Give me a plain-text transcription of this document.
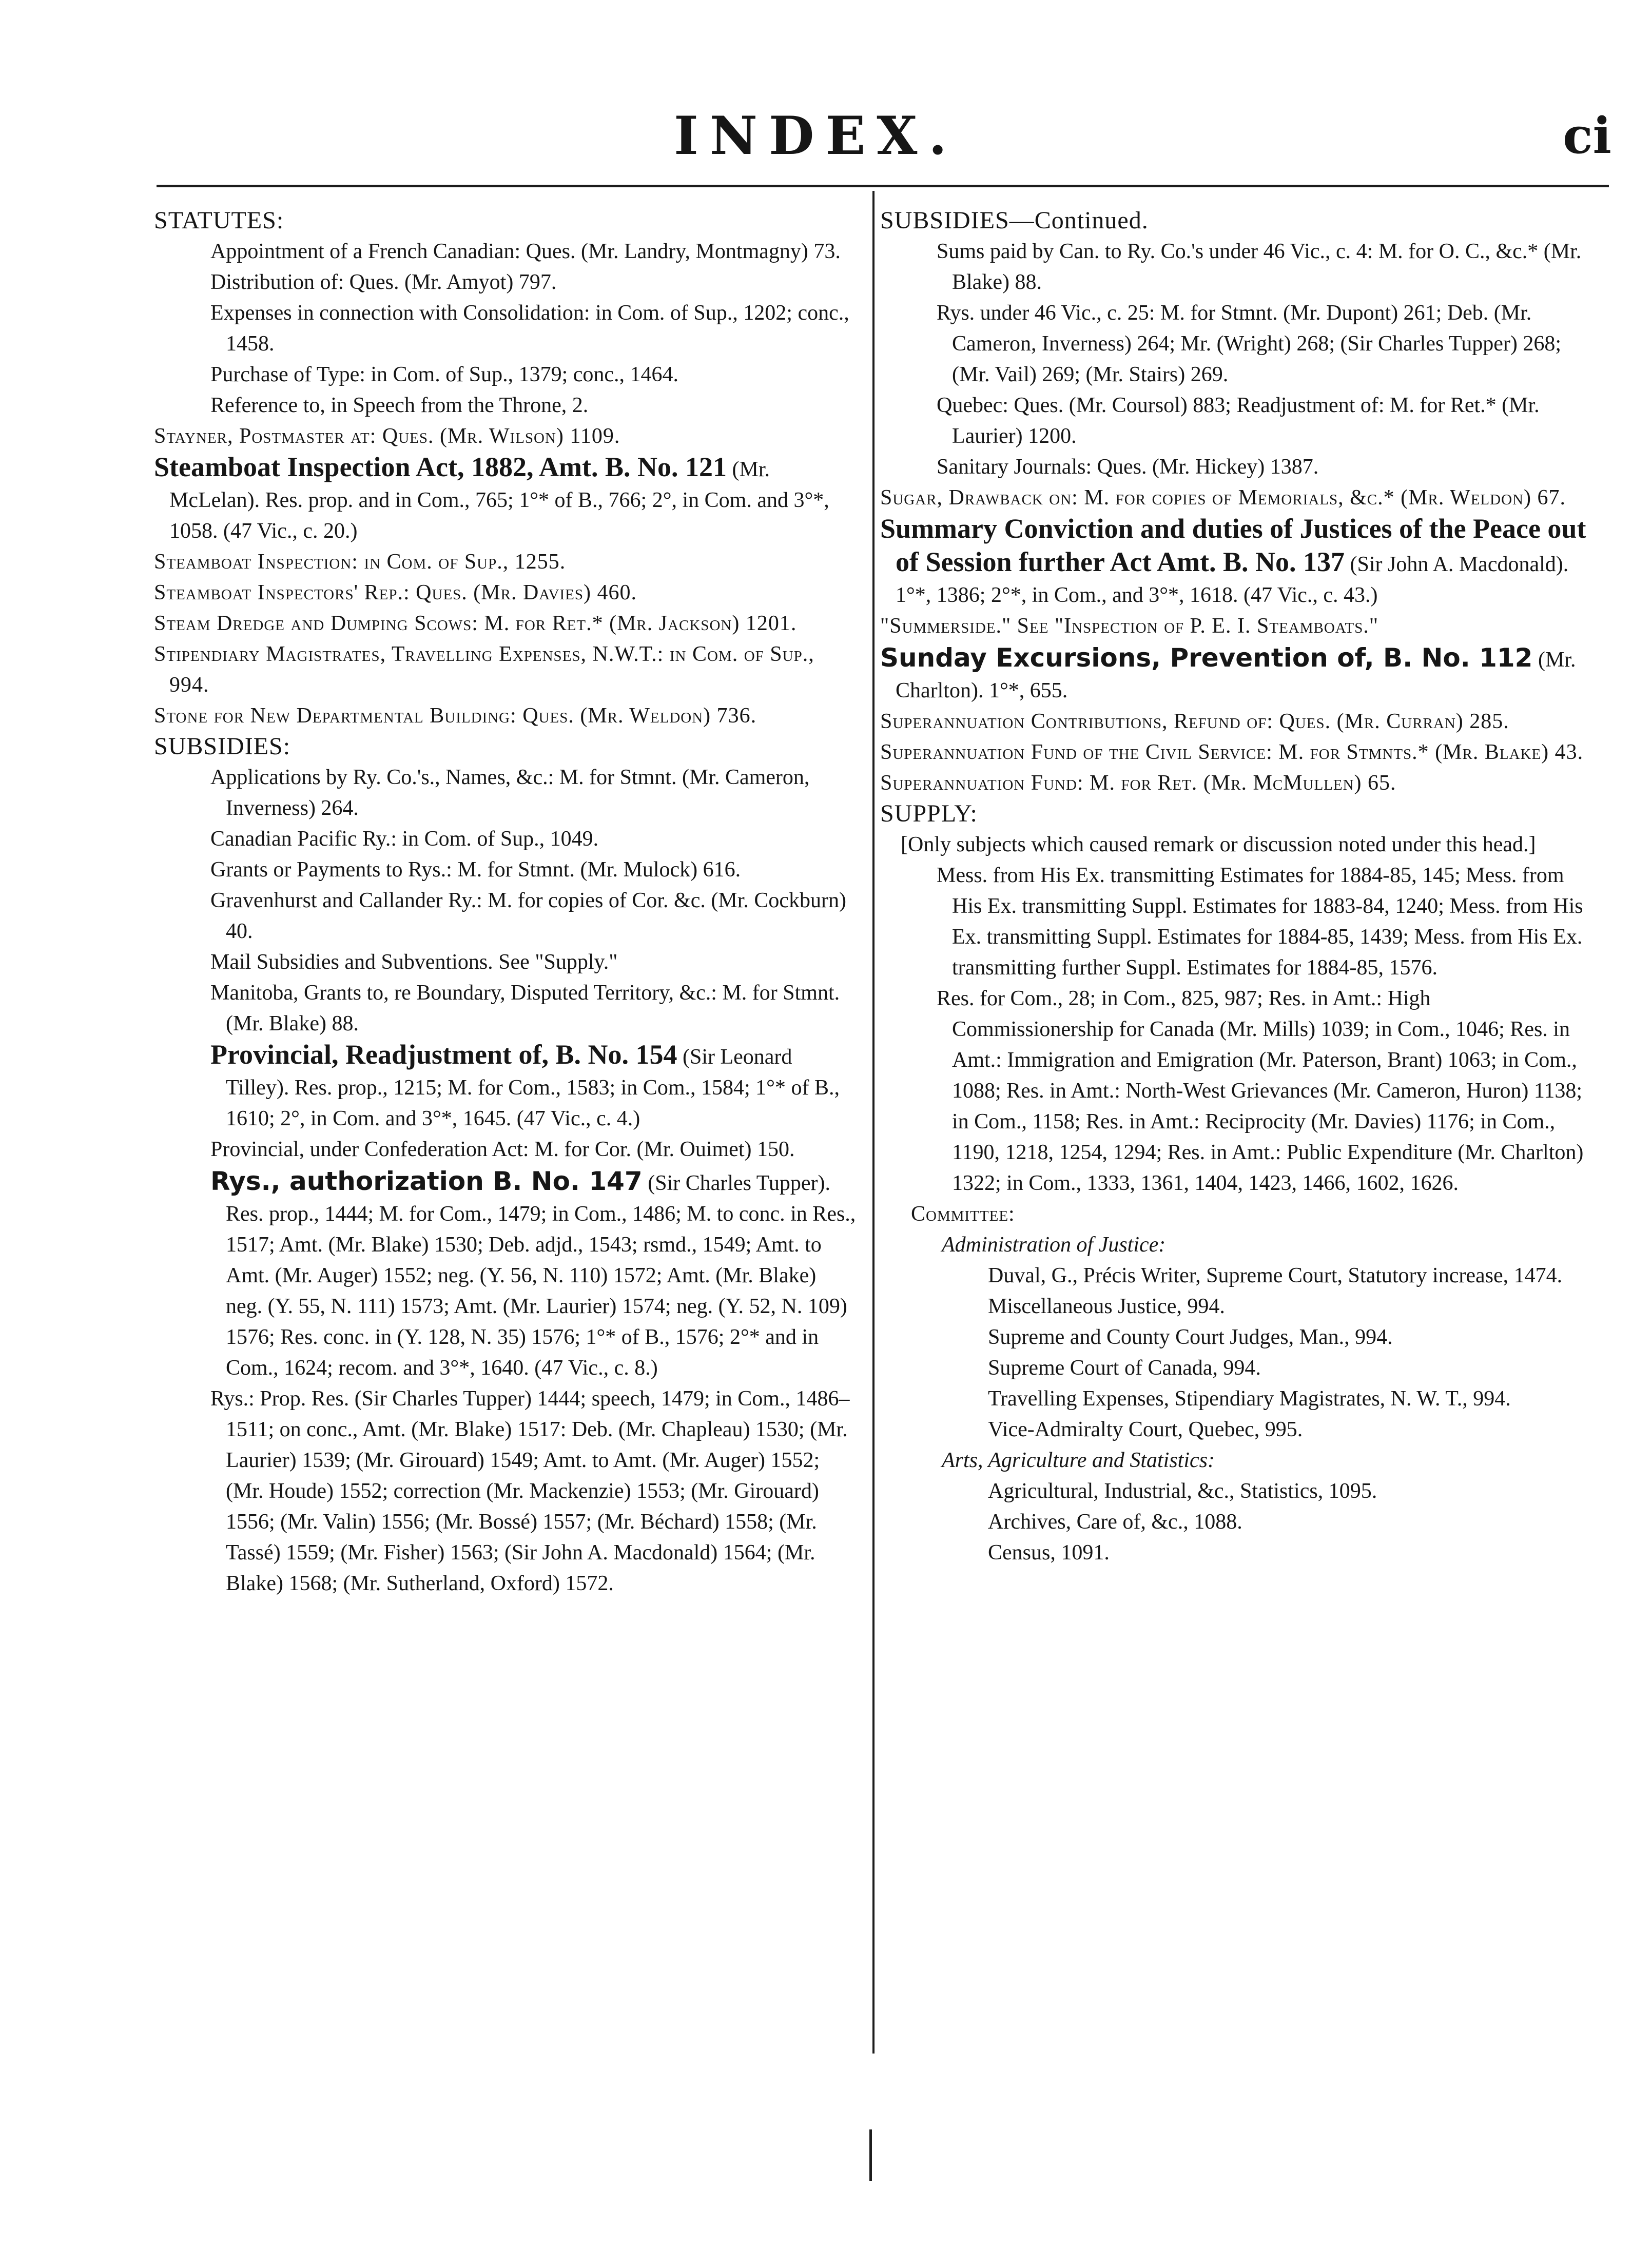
INDEX.	ci
STATUTES:
Appointment of a French Canadian: Ques. (Mr. Landry, Montmagny) 73.
Distribution of: Ques. (Mr. Amyot) 797.
Expenses in connection with Consolidation: in Com. of Sup., 1202; conc., 1458.
Purchase of Type: in Com. of Sup., 1379; conc., 1464.
Reference to, in Speech from the Throne, 2.
Stayner, Postmaster at: Ques. (Mr. Wilson) 1109.
Steamboat Inspection Act, 1882, Amt. B. No. 121 (Mr. McLelan). Res. prop. and in Com., 765; 1°* of B., 766; 2°, in Com. and 3°*, 1058. (47 Vic., c. 20.)
Steamboat Inspection: in Com. of Sup., 1255.
Steamboat Inspectors' Rep.: Ques. (Mr. Davies) 460.
Steam Dredge and Dumping Scows: M. for Ret.* (Mr. Jackson) 1201.
Stipendiary Magistrates, Travelling Expenses, N.W.T.: in Com. of Sup., 994.
Stone for New Departmental Building: Ques. (Mr. Weldon) 736.
SUBSIDIES:
Applications by Ry. Co.'s., Names, &c.: M. for Stmnt. (Mr. Cameron, Inverness) 264.
Canadian Pacific Ry.: in Com. of Sup., 1049.
Grants or Payments to Rys.: M. for Stmnt. (Mr. Mulock) 616.
Gravenhurst and Callander Ry.: M. for copies of Cor. &c. (Mr. Cockburn) 40.
Mail Subsidies and Subventions. See "Supply."
Manitoba, Grants to, re Boundary, Disputed Territory, &c.: M. for Stmnt. (Mr. Blake) 88.
Provincial, Readjustment of, B. No. 154 (Sir Leonard Tilley). Res. prop., 1215; M. for Com., 1583; in Com., 1584; 1°* of B., 1610; 2°, in Com. and 3°*, 1645. (47 Vic., c. 4.)
Provincial, under Confederation Act: M. for Cor. (Mr. Ouimet) 150.
Rys., authorization B. No. 147 (Sir Charles Tupper). Res. prop., 1444; M. for Com., 1479; in Com., 1486; M. to conc. in Res., 1517; Amt. (Mr. Blake) 1530; Deb. adjd., 1543; rsmd., 1549; Amt. to Amt. (Mr. Auger) 1552; neg. (Y. 56, N. 110) 1572; Amt. (Mr. Blake) neg. (Y. 55, N. 111) 1573; Amt. (Mr. Laurier) 1574; neg. (Y. 52, N. 109) 1576; Res. conc. in (Y. 128, N. 35) 1576; 1°* of B., 1576; 2°* and in Com., 1624; recom. and 3°*, 1640. (47 Vic., c. 8.)
Rys.: Prop. Res. (Sir Charles Tupper) 1444; speech, 1479; in Com., 1486–1511; on conc., Amt. (Mr. Blake) 1517: Deb. (Mr. Chapleau) 1530; (Mr. Laurier) 1539; (Mr. Girouard) 1549; Amt. to Amt. (Mr. Auger) 1552; (Mr. Houde) 1552; correction (Mr. Mackenzie) 1553; (Mr. Girouard) 1556; (Mr. Valin) 1556; (Mr. Bossé) 1557; (Mr. Béchard) 1558; (Mr. Tassé) 1559; (Mr. Fisher) 1563; (Sir John A. Macdonald) 1564; (Mr. Blake) 1568; (Mr. Sutherland, Oxford) 1572.
SUBSIDIES—Continued.
Sums paid by Can. to Ry. Co.'s under 46 Vic., c. 4: M. for O. C., &c.* (Mr. Blake) 88.
Rys. under 46 Vic., c. 25: M. for Stmnt. (Mr. Dupont) 261; Deb. (Mr. Cameron, Inverness) 264; Mr. (Wright) 268; (Sir Charles Tupper) 268; (Mr. Vail) 269; (Mr. Stairs) 269.
Quebec: Ques. (Mr. Coursol) 883; Readjustment of: M. for Ret.* (Mr. Laurier) 1200.
Sanitary Journals: Ques. (Mr. Hickey) 1387.
Sugar, Drawback on: M. for copies of Memorials, &c.* (Mr. Weldon) 67.
Summary Conviction and duties of Justices of the Peace out of Session further Act Amt. B. No. 137 (Sir John A. Macdonald). 1°*, 1386; 2°*, in Com., and 3°*, 1618. (47 Vic., c. 43.)
"Summerside." See "Inspection of P. E. I. Steamboats."
Sunday Excursions, Prevention of, B. No. 112 (Mr. Charlton). 1°*, 655.
Superannuation Contributions, Refund of: Ques. (Mr. Curran) 285.
Superannuation Fund of the Civil Service: M. for Stmnts.* (Mr. Blake) 43.
Superannuation Fund: M. for Ret. (Mr. McMullen) 65.
SUPPLY:
[Only subjects which caused remark or discussion noted under this head.]
Mess. from His Ex. transmitting Estimates for 1884-85, 145; Mess. from His Ex. transmitting Suppl. Estimates for 1883-84, 1240; Mess. from His Ex. transmitting Suppl. Estimates for 1884-85, 1439; Mess. from His Ex. transmitting further Suppl. Estimates for 1884-85, 1576.
Res. for Com., 28; in Com., 825, 987; Res. in Amt.: High Commissionership for Canada (Mr. Mills) 1039; in Com., 1046; Res. in Amt.: Immigration and Emigration (Mr. Paterson, Brant) 1063; in Com., 1088; Res. in Amt.: North-West Grievances (Mr. Cameron, Huron) 1138; in Com., 1158; Res. in Amt.: Reciprocity (Mr. Davies) 1176; in Com., 1190, 1218, 1254, 1294; Res. in Amt.: Public Expenditure (Mr. Charlton) 1322; in Com., 1333, 1361, 1404, 1423, 1466, 1602, 1626.
Committee:
Administration of Justice:
Duval, G., Précis Writer, Supreme Court, Statutory increase, 1474.
Miscellaneous Justice, 994.
Supreme and County Court Judges, Man., 994.
Supreme Court of Canada, 994.
Travelling Expenses, Stipendiary Magistrates, N. W. T., 994.
Vice-Admiralty Court, Quebec, 995.
Arts, Agriculture and Statistics:
Agricultural, Industrial, &c., Statistics, 1095.
Archives, Care of, &c., 1088.
Census, 1091.
